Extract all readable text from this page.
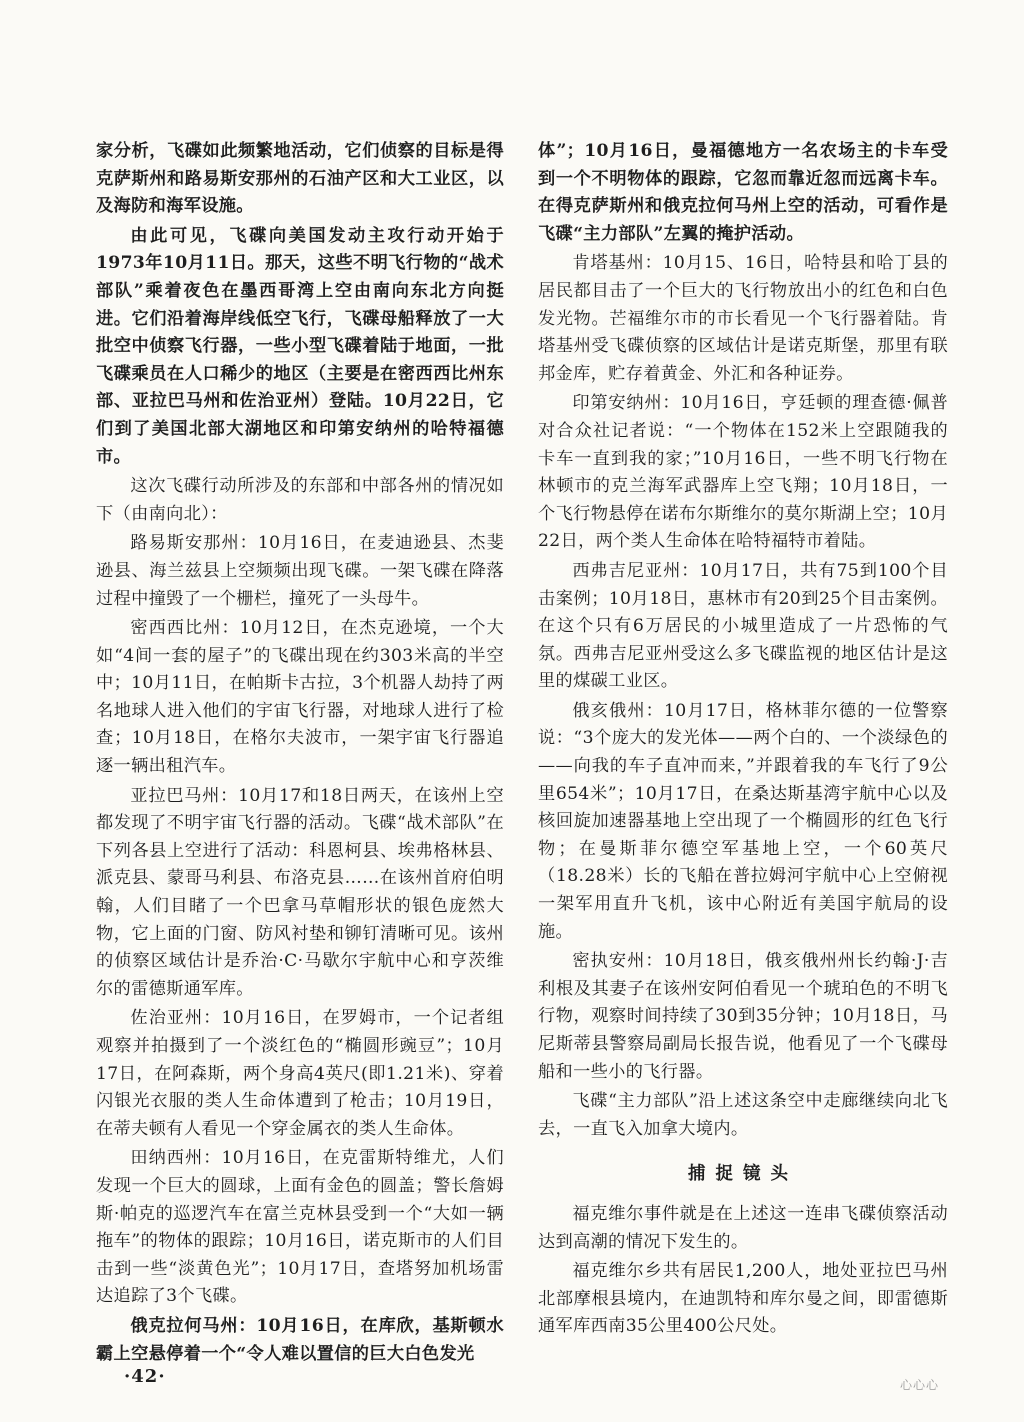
家分析，飞碟如此频繁地活动，它们侦察的目标是得克萨斯州和路易斯安那州的石油产区和大工业区，以及海防和海军设施。

由此可见，飞碟向美国发动主攻行动开始于1973年10月11日。那天，这些不明飞行物的“战术部队”乘着夜色在墨西哥湾上空由南向东北方向挺进。它们沿着海岸线低空飞行，飞碟母船释放了一大批空中侦察飞行器，一些小型飞碟着陆于地面，一批飞碟乘员在人口稀少的地区（主要是在密西西比州东部、亚拉巴马州和佐治亚州）登陆。10月22日，它们到了美国北部大湖地区和印第安纳州的哈特福德市。

这次飞碟行动所涉及的东部和中部各州的情况如下（由南向北）：

路易斯安那州：10月16日，在麦迪逊县、杰斐逊县、海兰兹县上空频频出现飞碟。一架飞碟在降落过程中撞毁了一个栅栏，撞死了一头母牛。

密西西比州：10月12日，在杰克逊境，一个大如“4间一套的屋子”的飞碟出现在约303米高的半空中；10月11日，在帕斯卡古拉，3个机器人劫持了两名地球人进入他们的宇宙飞行器，对地球人进行了检查；10月18日，在格尔夫波市，一架宇宙飞行器追逐一辆出租汽车。

亚拉巴马州：10月17和18日两天，在该州上空都发现了不明宇宙飞行器的活动。飞碟“战术部队”在下列各县上空进行了活动：科恩柯县、埃弗格林县、派克县、蒙哥马利县、布洛克县……在该州首府伯明翰，人们目睹了一个巴拿马草帽形状的银色庞然大物，它上面的门窗、防风衬垫和铆钉清晰可见。该州的侦察区域估计是乔治·C·马歇尔宇航中心和亨茨维尔的雷德斯通军库。

佐治亚州：10月16日，在罗姆市，一个记者组观察并拍摄到了一个淡红色的“椭圆形豌豆”；10月17日，在阿森斯，两个身高4英尺(即1.21米)、穿着闪银光衣服的类人生命体遭到了枪击；10月19日，在蒂夫顿有人看见一个穿金属衣的类人生命体。

田纳西州：10月16日，在克雷斯特维尤，人们发现一个巨大的圆球，上面有金色的圆盖；警长詹姆斯·帕克的巡逻汽车在富兰克林县受到一个“大如一辆拖车”的物体的跟踪；10月16日，诺克斯市的人们目击到一些“淡黄色光”；10月17日，查塔努加机场雷达追踪了3个飞碟。

俄克拉何马州：10月16日，在库欣，基斯顿水霸上空悬停着一个“令人难以置信的巨大白色发光

体”；10月16日，曼福德地方一名农场主的卡车受到一个不明物体的跟踪，它忽而靠近忽而远离卡车。在得克萨斯州和俄克拉何马州上空的活动，可看作是飞碟“主力部队”左翼的掩护活动。

肯塔基州：10月15、16日，哈特县和哈丁县的居民都目击了一个巨大的飞行物放出小的红色和白色发光物。芒福维尔市的市长看见一个飞行器着陆。肯塔基州受飞碟侦察的区域估计是诺克斯堡，那里有联邦金库，贮存着黄金、外汇和各种证券。

印第安纳州：10月16日，亨廷顿的理查德·佩普对合众社记者说：“一个物体在152米上空跟随我的卡车一直到我的家；”10月16日，一些不明飞行物在林顿市的克兰海军武器库上空飞翔；10月18日，一个飞行物悬停在诺布尔斯维尔的莫尔斯湖上空；10月22日，两个类人生命体在哈特福特市着陆。

西弗吉尼亚州：10月17日，共有75到100个目击案例；10月18日，惠林市有20到25个目击案例。在这个只有6万居民的小城里造成了一片恐怖的气氛。西弗吉尼亚州受这么多飞碟监视的地区估计是这里的煤碳工业区。

俄亥俄州：10月17日，格林菲尔德的一位警察说：“3个庞大的发光体——两个白的、一个淡绿色的——向我的车子直冲而来，”并跟着我的车飞行了9公里654米”；10月17日，在桑达斯基湾宇航中心以及核回旋加速器基地上空出现了一个椭圆形的红色飞行物；在曼斯菲尔德空军基地上空，一个60英尺（18.28米）长的飞船在普拉姆河宇航中心上空俯视一架军用直升飞机，该中心附近有美国宇航局的设施。

密执安州：10月18日，俄亥俄州州长约翰·J·吉利根及其妻子在该州安阿伯看见一个琥珀色的不明飞行物，观察时间持续了30到35分钟；10月18日，马尼斯蒂县警察局副局长报告说，他看见了一个飞碟母船和一些小的飞行器。

飞碟“主力部队”沿上述这条空中走廊继续向北飞去，一直飞入加拿大境内。

捕捉镜头

福克维尔事件就是在上述这一连串飞碟侦察活动达到高潮的情况下发生的。

福克维尔乡共有居民1,200人，地处亚拉巴马州北部摩根县境内，在迪凯特和库尔曼之间，即雷德斯通军库西南35公里400公尺处。

·42·	心心心
